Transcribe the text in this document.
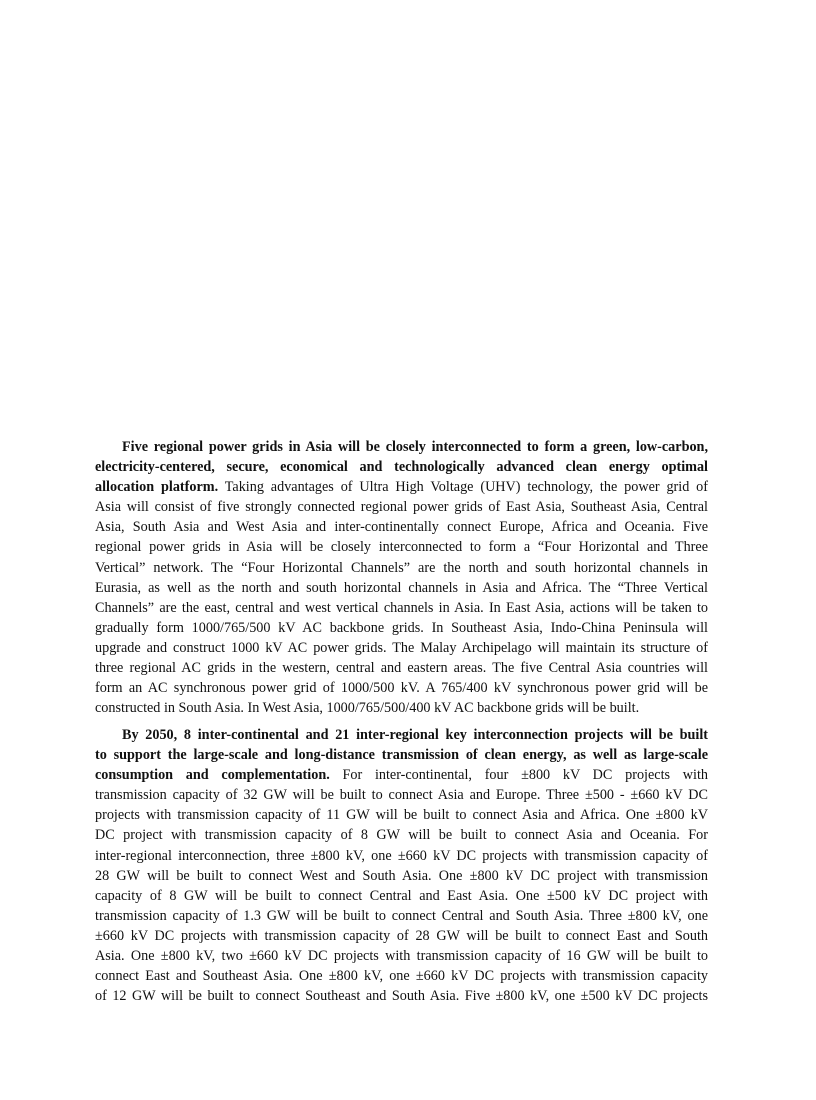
Five regional power grids in Asia will be closely interconnected to form a green, low-carbon,
electricity-centered, secure, economical and technologically advanced clean energy optimal
allocation platform. Taking advantages of Ultra High Voltage (UHV) technology, the power grid of
Asia will consist of five strongly connected regional power grids of East Asia, Southeast Asia, Central
Asia, South Asia and West Asia and inter-continentally connect Europe, Africa and Oceania. Five
regional power grids in Asia will be closely interconnected to form a “Four Horizontal and Three
Vertical” network. The “Four Horizontal Channels” are the north and south horizontal channels in
Eurasia, as well as the north and south horizontal channels in Asia and Africa. The “Three Vertical
Channels” are the east, central and west vertical channels in Asia. In East Asia, actions will be taken to
gradually form 1000/765/500 kV AC backbone grids. In Southeast Asia, Indo-China Peninsula will
upgrade and construct 1000 kV AC power grids. The Malay Archipelago will maintain its structure of
three regional AC grids in the western, central and eastern areas. The five Central Asia countries will
form an AC synchronous power grid of 1000/500 kV. A 765/400 kV synchronous power grid will be
constructed in South Asia. In West Asia, 1000/765/500/400 kV AC backbone grids will be built.
By 2050, 8 inter-continental and 21 inter-regional key interconnection projects will be built
to support the large-scale and long-distance transmission of clean energy, as well as large-scale
consumption and complementation. For inter-continental, four ±800 kV DC projects with
transmission capacity of 32 GW will be built to connect Asia and Europe. Three ±500 - ±660 kV DC
projects with transmission capacity of 11 GW will be built to connect Asia and Africa. One ±800 kV
DC project with transmission capacity of 8 GW will be built to connect Asia and Oceania. For
inter-regional interconnection, three ±800 kV, one ±660 kV DC projects with transmission capacity of
28 GW will be built to connect West and South Asia. One ±800 kV DC project with transmission
capacity of 8 GW will be built to connect Central and East Asia. One ±500 kV DC project with
transmission capacity of 1.3 GW will be built to connect Central and South Asia. Three ±800 kV, one
±660 kV DC projects with transmission capacity of 28 GW will be built to connect East and South
Asia. One ±800 kV, two ±660 kV DC projects with transmission capacity of 16 GW will be built to
connect East and Southeast Asia. One ±800 kV, one ±660 kV DC projects with transmission capacity
of 12 GW will be built to connect Southeast and South Asia. Five ±800 kV, one ±500 kV DC projects
